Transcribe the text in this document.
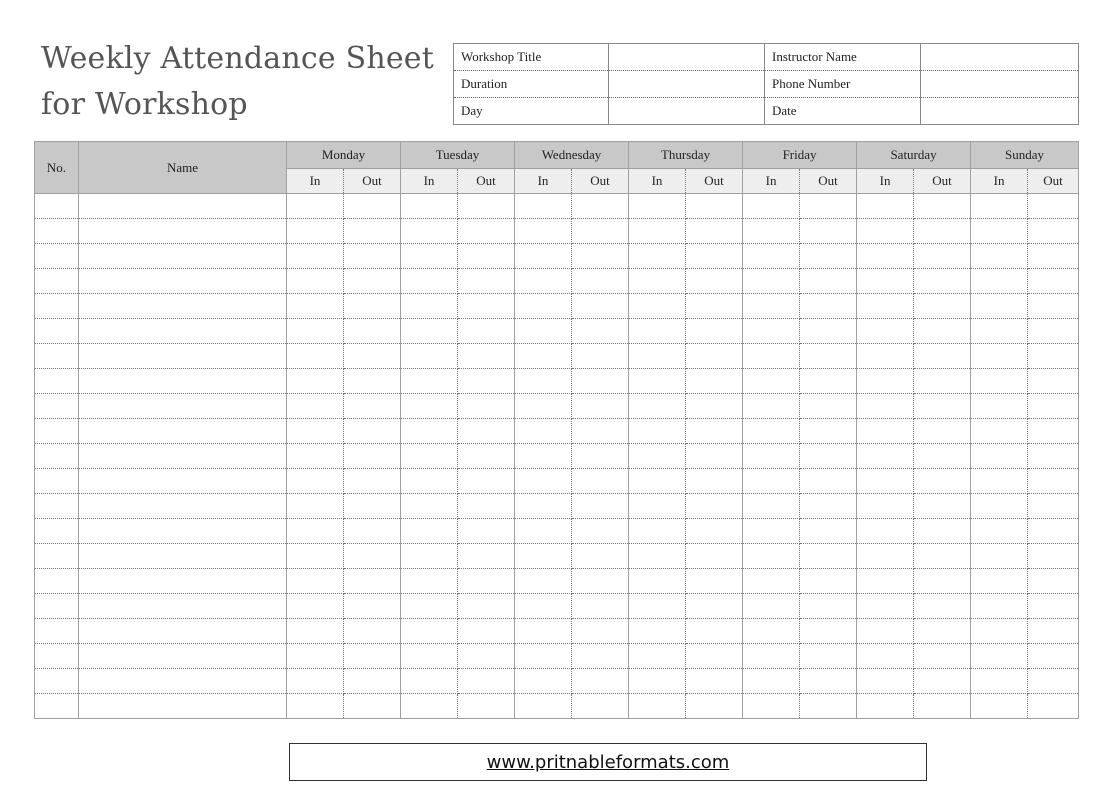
Weekly Attendance Sheet
for Workshop
Workshop Title		Instructor Name	
Duration		Phone Number	
Day		Date	
No.	Name	Monday		Tuesday		Wednesday		Thursday		Friday		Saturday		Sunday	
		In	Out	In	Out	In	Out	In	Out	In	Out	In	Out	In	Out

www.pritnableformats.com
